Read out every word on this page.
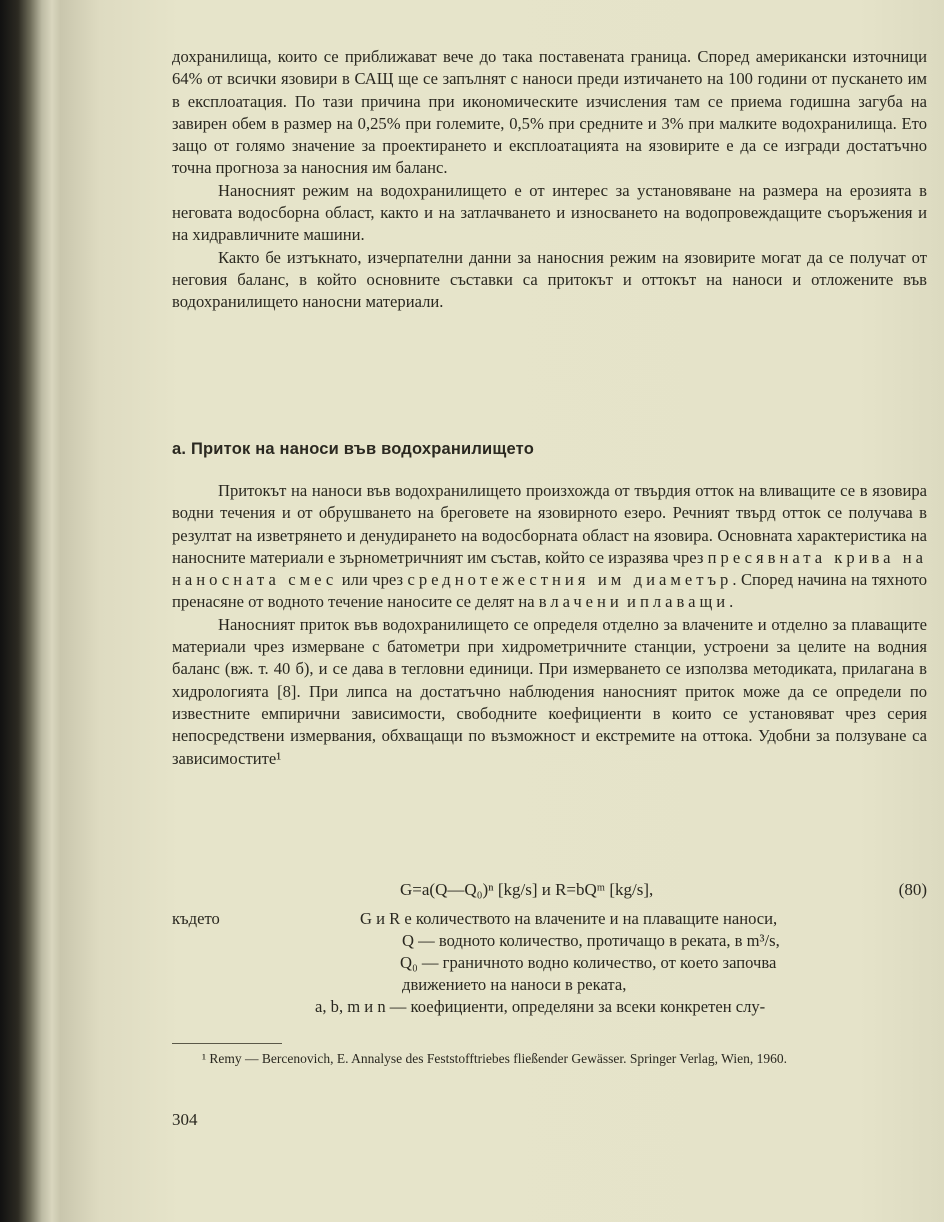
дохранилища, които се приближават вече до така поставената граница. Според американски източници 64% от всички язовири в САЩ ще се запълнят с наноси преди изтичането на 100 години от пускането им в експлоатация. По тази причина при икономическите изчисления там се приема годишна загуба на завирен обем в размер на 0,25% при големите, 0,5% при средните и 3% при малките водохранилища. Ето защо от голямо значение за проектирането и експлоатацията на язовирите е да се изгради достатъчно точна прогноза за наносния им баланс.

Наносният режим на водохранилището е от интерес за установяване на размера на ерозията в неговата водосборна област, както и на затлачването и износването на водопровеждащите съоръжения и на хидравличните машини.

Както бе изтъкнато, изчерпателни данни за наносния режим на язовирите могат да се получат от неговия баланс, в който основните съставки са притокът и оттокът на наноси и отложените във водохранилището наносни материали.

а. Приток на наноси във водохранилището

Притокът на наноси във водохранилището произхожда от твърдия отток на вливащите се в язовира водни течения и от обрушването на бреговете на язовирното езеро. Речният твърд отток се получава в резултат на изветрянето и денудирането на водосборната област на язовира. Основната характеристика на наносните материали е зърнометричният им състав, който се изразява чрез пресявната крива на наносната смес или чрез среднотежестния им диаметър. Според начина на тяхното пренасяне от водното течение наносите се делят на влачени и плаващи.

Наносният приток във водохранилището се определя отделно за влачените и отделно за плаващите материали чрез измерване с батометри при хидрометричните станции, устроени за целите на водния баланс (вж. т. 40 б), и се дава в тегловни единици. При измерването се използва методиката, прилагана в хидрологията [8]. При липса на достатъчно наблюдения наносният приток може да се определи по известните емпирични зависимости, свободните коефициенти в които се установяват чрез серия непосредствени измервания, обхващащи по възможност и екстремите на оттока. Удобни за ползуване са зависимостите¹

G=a(Q—Q₀)ⁿ [kg/s] и R=bQᵐ [kg/s],	(80)
където	G и R е количеството на влачените и на плаващите наноси,
Q — водното количество, протичащо в реката, в m³/s,
Q₀ — граничното водно количество, от което започва
движението на наноси в реката,
a, b, m и n — коефициенти, определяни за всеки конкретен слу-
¹ Remy — Bercenovich, E. Annalyse des Feststofftriebes fließender Gewässer. Springer Verlag, Wien, 1960.
304
